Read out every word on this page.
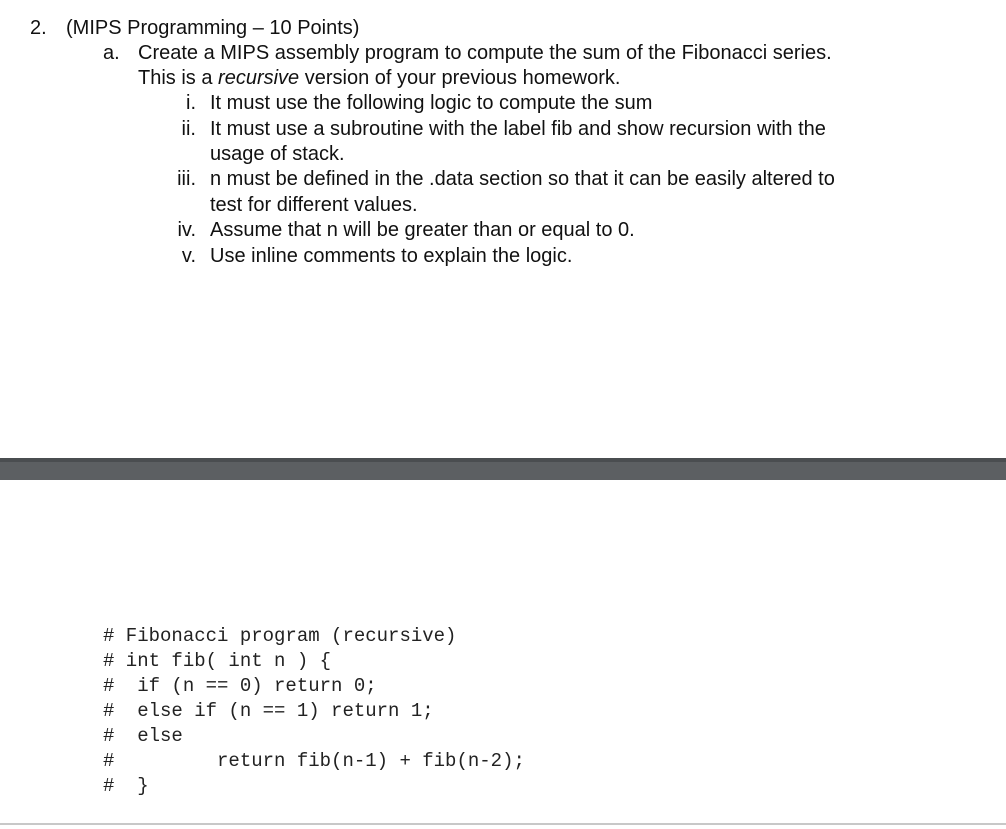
2. (MIPS Programming – 10 Points)
a. Create a MIPS assembly program to compute the sum of the Fibonacci series.
This is a recursive version of your previous homework.
i. It must use the following logic to compute the sum
ii. It must use a subroutine with the label fib and show recursion with the
usage of stack.
iii. n must be defined in the .data section so that it can be easily altered to
test for different values.
iv. Assume that n will be greater than or equal to 0.
v. Use inline comments to explain the logic.
# Fibonacci program (recursive)
# int fib( int n ) {
#  if (n == 0) return 0;
#  else if (n == 1) return 1;
#  else
#         return fib(n-1) + fib(n-2);
#  }
